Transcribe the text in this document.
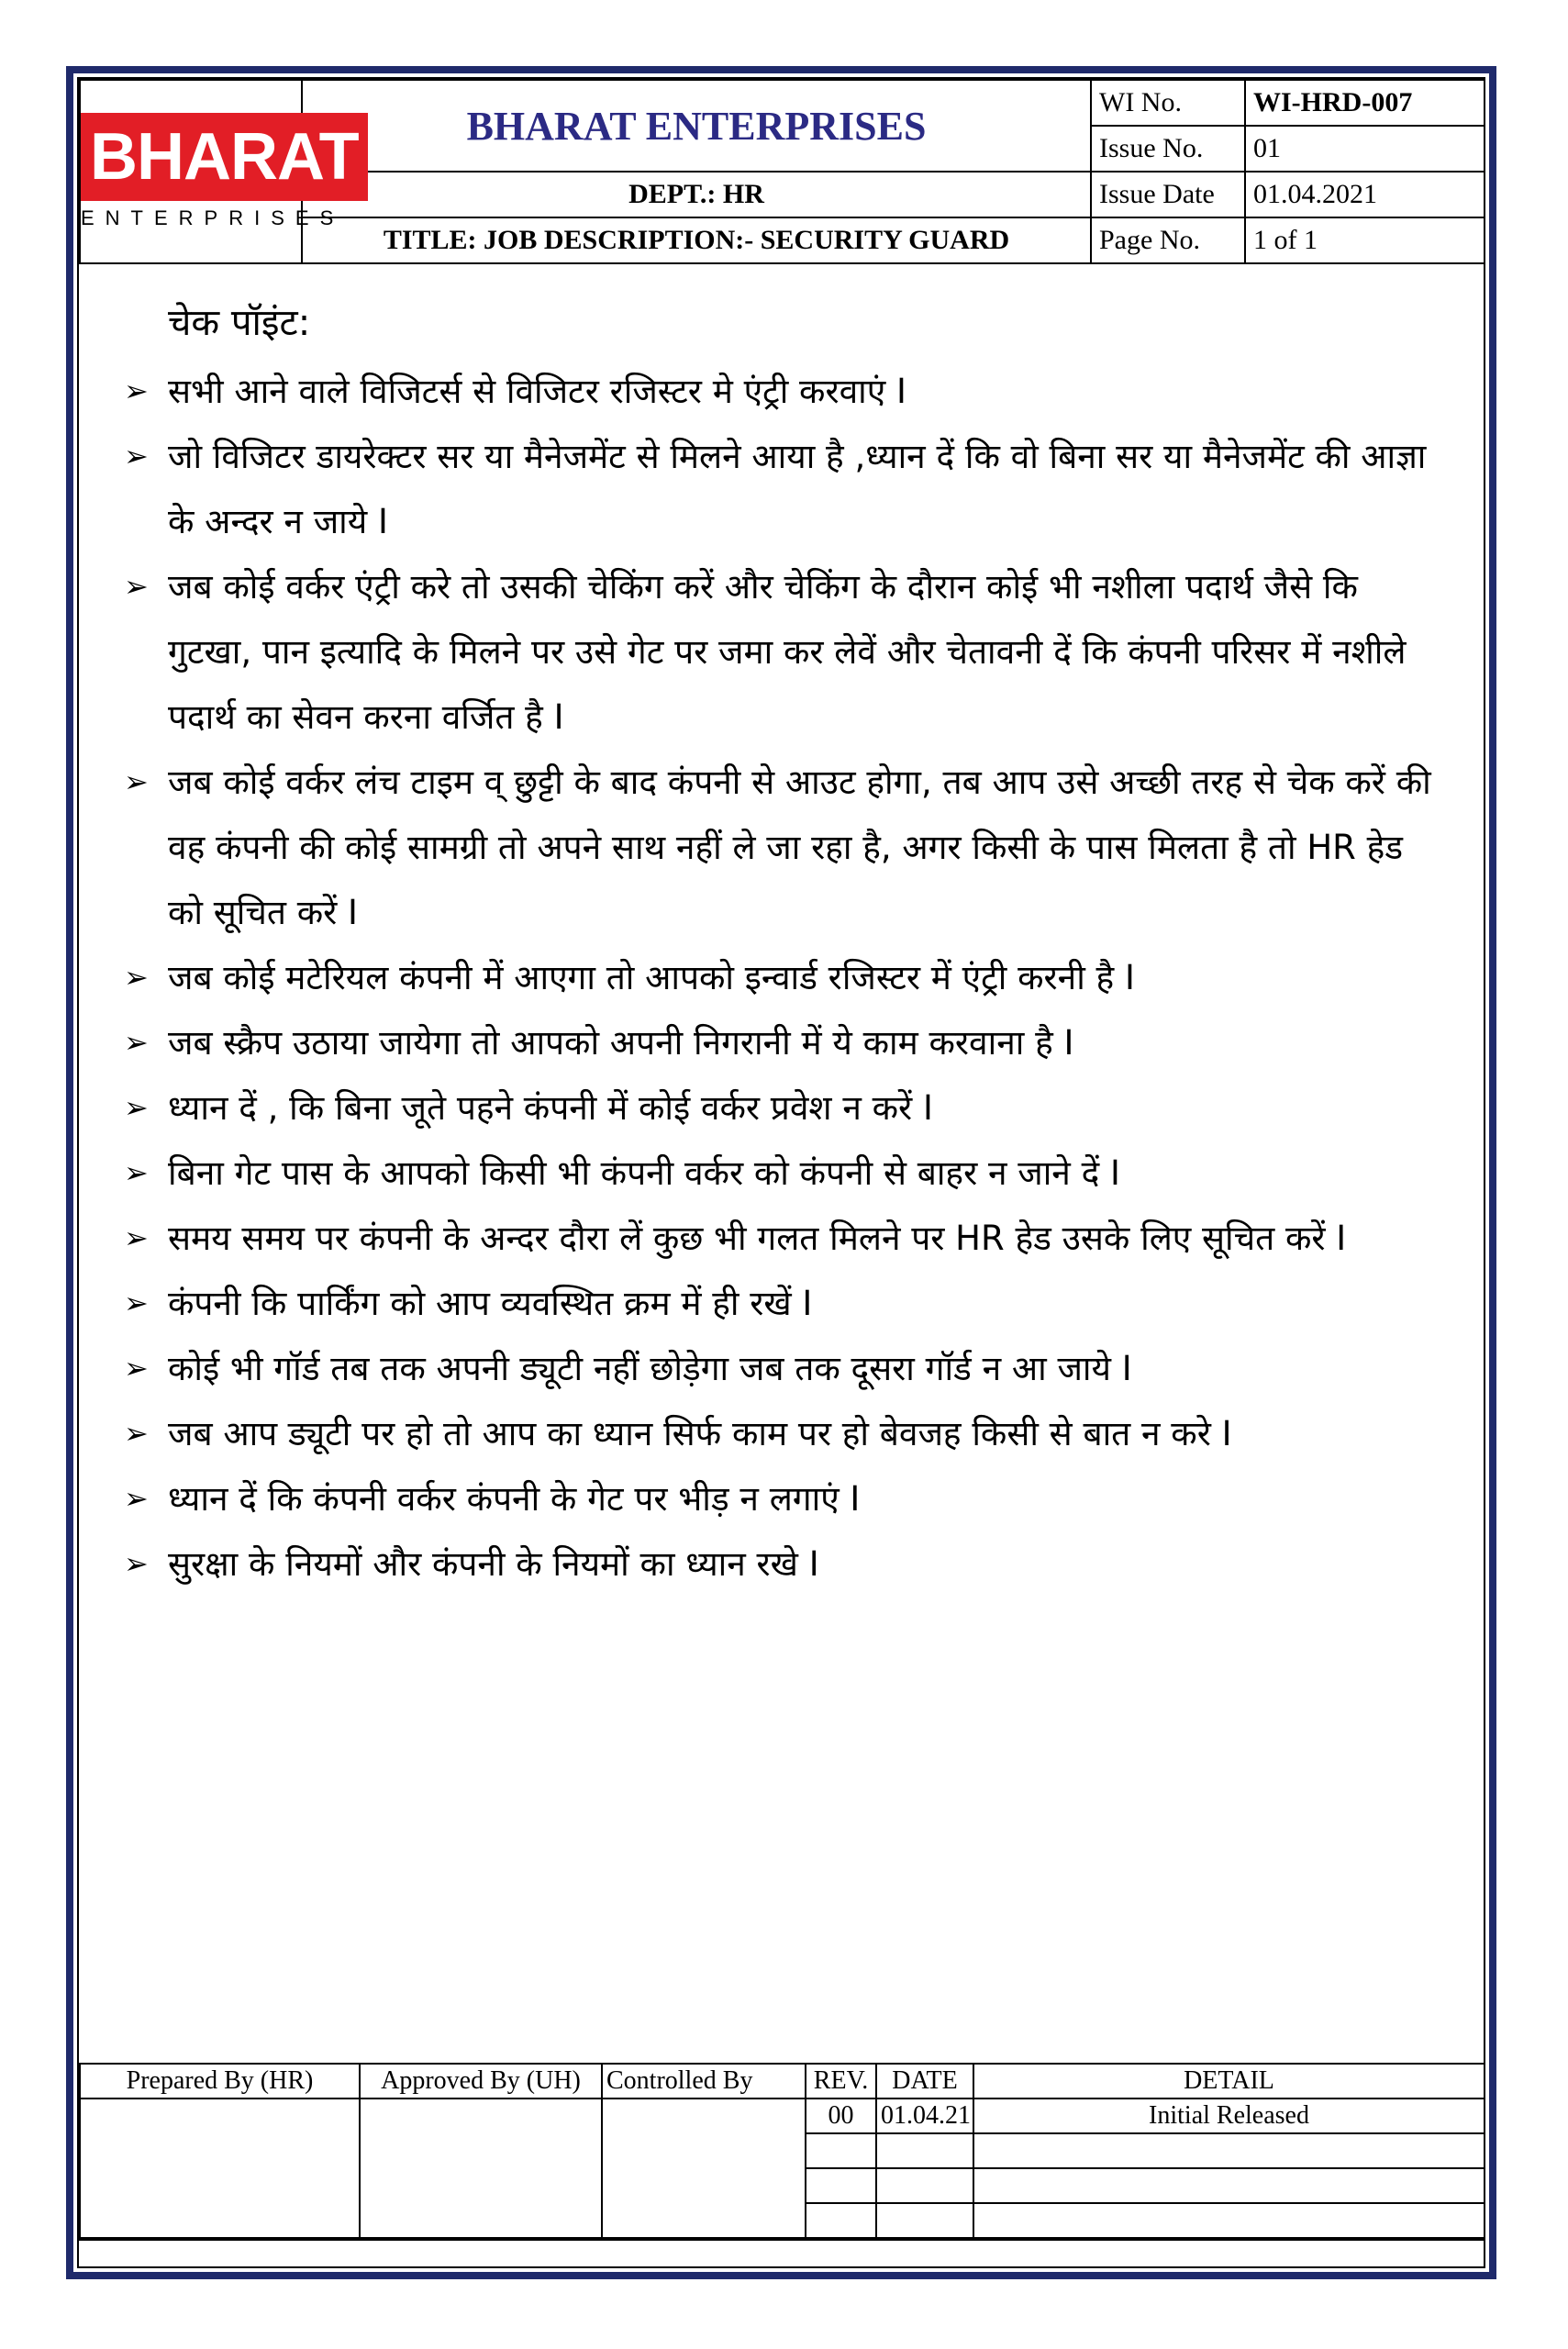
BHARAT
ENTERPRISES	BHARAT ENTERPRISES	WI No.	WI-HRD-007
		Issue No.	01
	DEPT.: HR	Issue Date	01.04.2021
	TITLE: JOB DESCRIPTION:- SECURITY GUARD	Page No.	1 of 1
चेक पॉइंट:
➢ सभी आने वाले विजिटर्स से विजिटर रजिस्टर मे एंट्री करवाएं I
➢ जो विजिटर डायरेक्टर सर या मैनेजमेंट से मिलने आया है ,ध्यान दें कि वो बिना सर या मैनेजमेंट की आज्ञा के अन्दर न जाये I
➢ जब कोई वर्कर एंट्री करे तो उसकी चेकिंग करें और चेकिंग के दौरान कोई भी नशीला पदार्थ जैसे कि गुटखा, पान इत्यादि के मिलने पर उसे गेट पर जमा कर लेवें और चेतावनी दें कि कंपनी परिसर में नशीले पदार्थ का सेवन करना वर्जित है I
➢ जब कोई वर्कर लंच टाइम व् छुट्टी के बाद कंपनी से आउट होगा, तब आप उसे अच्छी तरह से चेक करें की वह कंपनी की कोई सामग्री तो अपने साथ नहीं ले जा रहा है, अगर किसी के पास मिलता है तो HR हेड को सूचित करें I
➢ जब कोई मटेरियल कंपनी में आएगा तो आपको इन्वार्ड रजिस्टर में एंट्री करनी है I
➢ जब स्क्रैप उठाया जायेगा तो आपको अपनी निगरानी में ये काम करवाना है I
➢ ध्यान दें , कि बिना जूते पहने कंपनी में कोई वर्कर प्रवेश न करें I
➢ बिना गेट पास के आपको किसी भी कंपनी वर्कर को कंपनी से बाहर न जाने दें I
➢ समय समय पर कंपनी के अन्दर दौरा लें कुछ भी गलत मिलने पर HR हेड उसके लिए सूचित करें I
➢ कंपनी कि पार्किंग को आप व्यवस्थित क्रम में ही रखें I
➢ कोई भी गॉर्ड तब तक अपनी ड्यूटी नहीं छोड़ेगा जब तक दूसरा गॉर्ड न आ जाये I
➢ जब आप ड्यूटी पर हो तो आप का ध्यान सिर्फ काम पर हो बेवजह किसी से बात न करे I
➢ ध्यान दें कि कंपनी वर्कर कंपनी के गेट पर भीड़ न लगाएं I
➢ सुरक्षा के नियमों और कंपनी के नियमों का ध्यान रखे I
Prepared By (HR)	Approved By (UH)	Controlled By	REV.	DATE	DETAIL
			00	01.04.21	Initial Released
